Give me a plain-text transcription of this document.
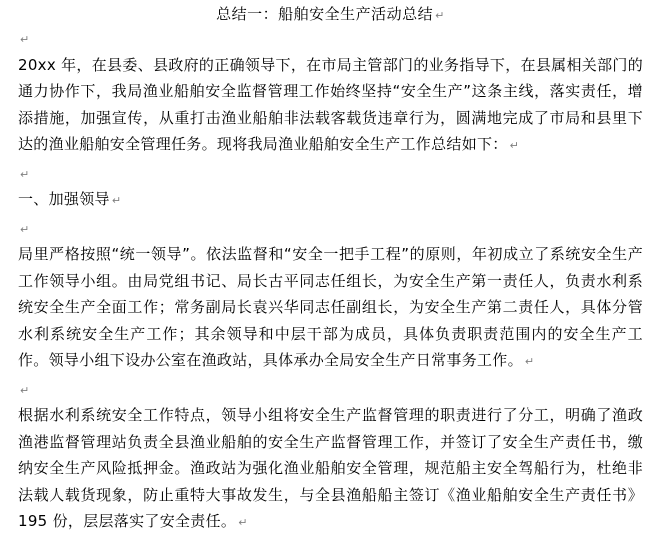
总结一：船舶安全生产活动总结 ↵
↵

20xx 年，在县委、县政府的正确领导下，在市局主管部门的业务指导下，在县属相关部门的通力协作下，我局渔业船舶安全监督管理工作始终坚持“安全生产”这条主线，落实责任，增添措施，加强宣传，从重打击渔业船舶非法载客载货违章行为，圆满地完成了市局和县里下达的渔业船舶安全管理任务。现将我局渔业船舶安全生产工作总结如下： ↵

↵
一、加强领导 ↵
↵

局里严格按照“统一领导”。依法监督和“安全一把手工程”的原则，年初成立了系统安全生产工作领导小组。由局党组书记、局长古平同志任组长，为安全生产第一责任人，负责水利系统安全生产全面工作；常务副局长袁兴华同志任副组长，为安全生产第二责任人，具体分管水利系统安全生产工作；其余领导和中层干部为成员，具体负责职责范围内的安全生产工作。领导小组下设办公室在渔政站，具体承办全局安全生产日常事务工作。 ↵

↵

根据水利系统安全工作特点，领导小组将安全生产监督管理的职责进行了分工，明确了渔政渔港监督管理站负责全县渔业船舶的安全生产监督管理工作，并签订了安全生产责任书，缴纳安全生产风险抵押金。渔政站为强化渔业船舶安全管理，规范船主安全驾船行为，杜绝非法载人载货现象，防止重特大事故发生，与全县渔船船主签订《渔业船舶安全生产责任书》195 份，层层落实了安全责任。 ↵
